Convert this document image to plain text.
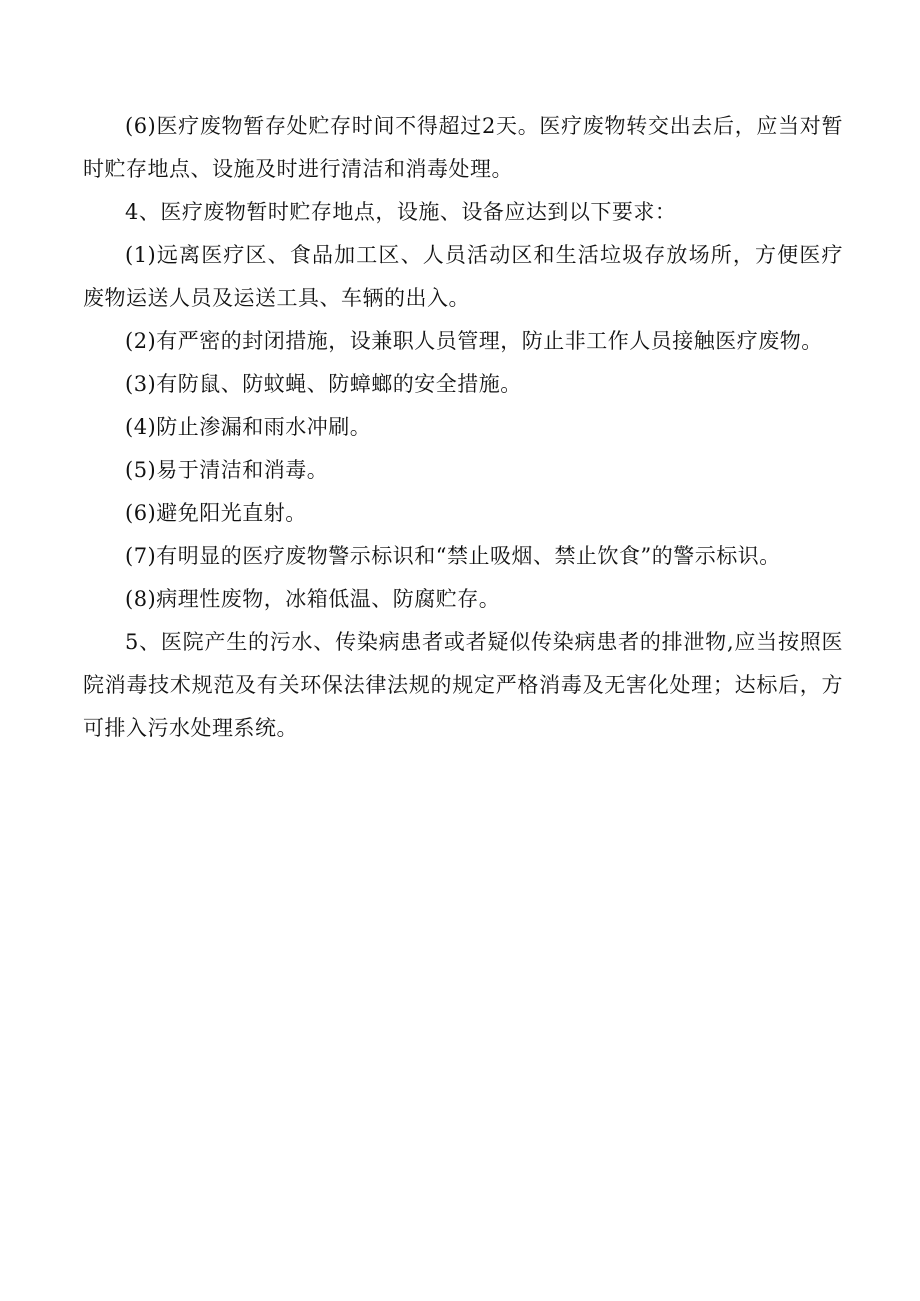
(6)医疗废物暂存处贮存时间不得超过2天。医疗废物转交出去后，应当对暂时贮存地点、设施及时进行清洁和消毒处理。

4、医疗废物暂时贮存地点，设施、设备应达到以下要求：

(1)远离医疗区、食品加工区、人员活动区和生活垃圾存放场所，方便医疗废物运送人员及运送工具、车辆的出入。

(2)有严密的封闭措施，设兼职人员管理，防止非工作人员接触医疗废物。

(3)有防鼠、防蚊蝇、防蟑螂的安全措施。

(4)防止渗漏和雨水冲刷。

(5)易于清洁和消毒。

(6)避免阳光直射。

(7)有明显的医疗废物警示标识和“禁止吸烟、禁止饮食”的警示标识。

(8)病理性废物，冰箱低温、防腐贮存。

5、医院产生的污水、传染病患者或者疑似传染病患者的排泄物,应当按照医院消毒技术规范及有关环保法律法规的规定严格消毒及无害化处理；达标后，方可排入污水处理系统。
